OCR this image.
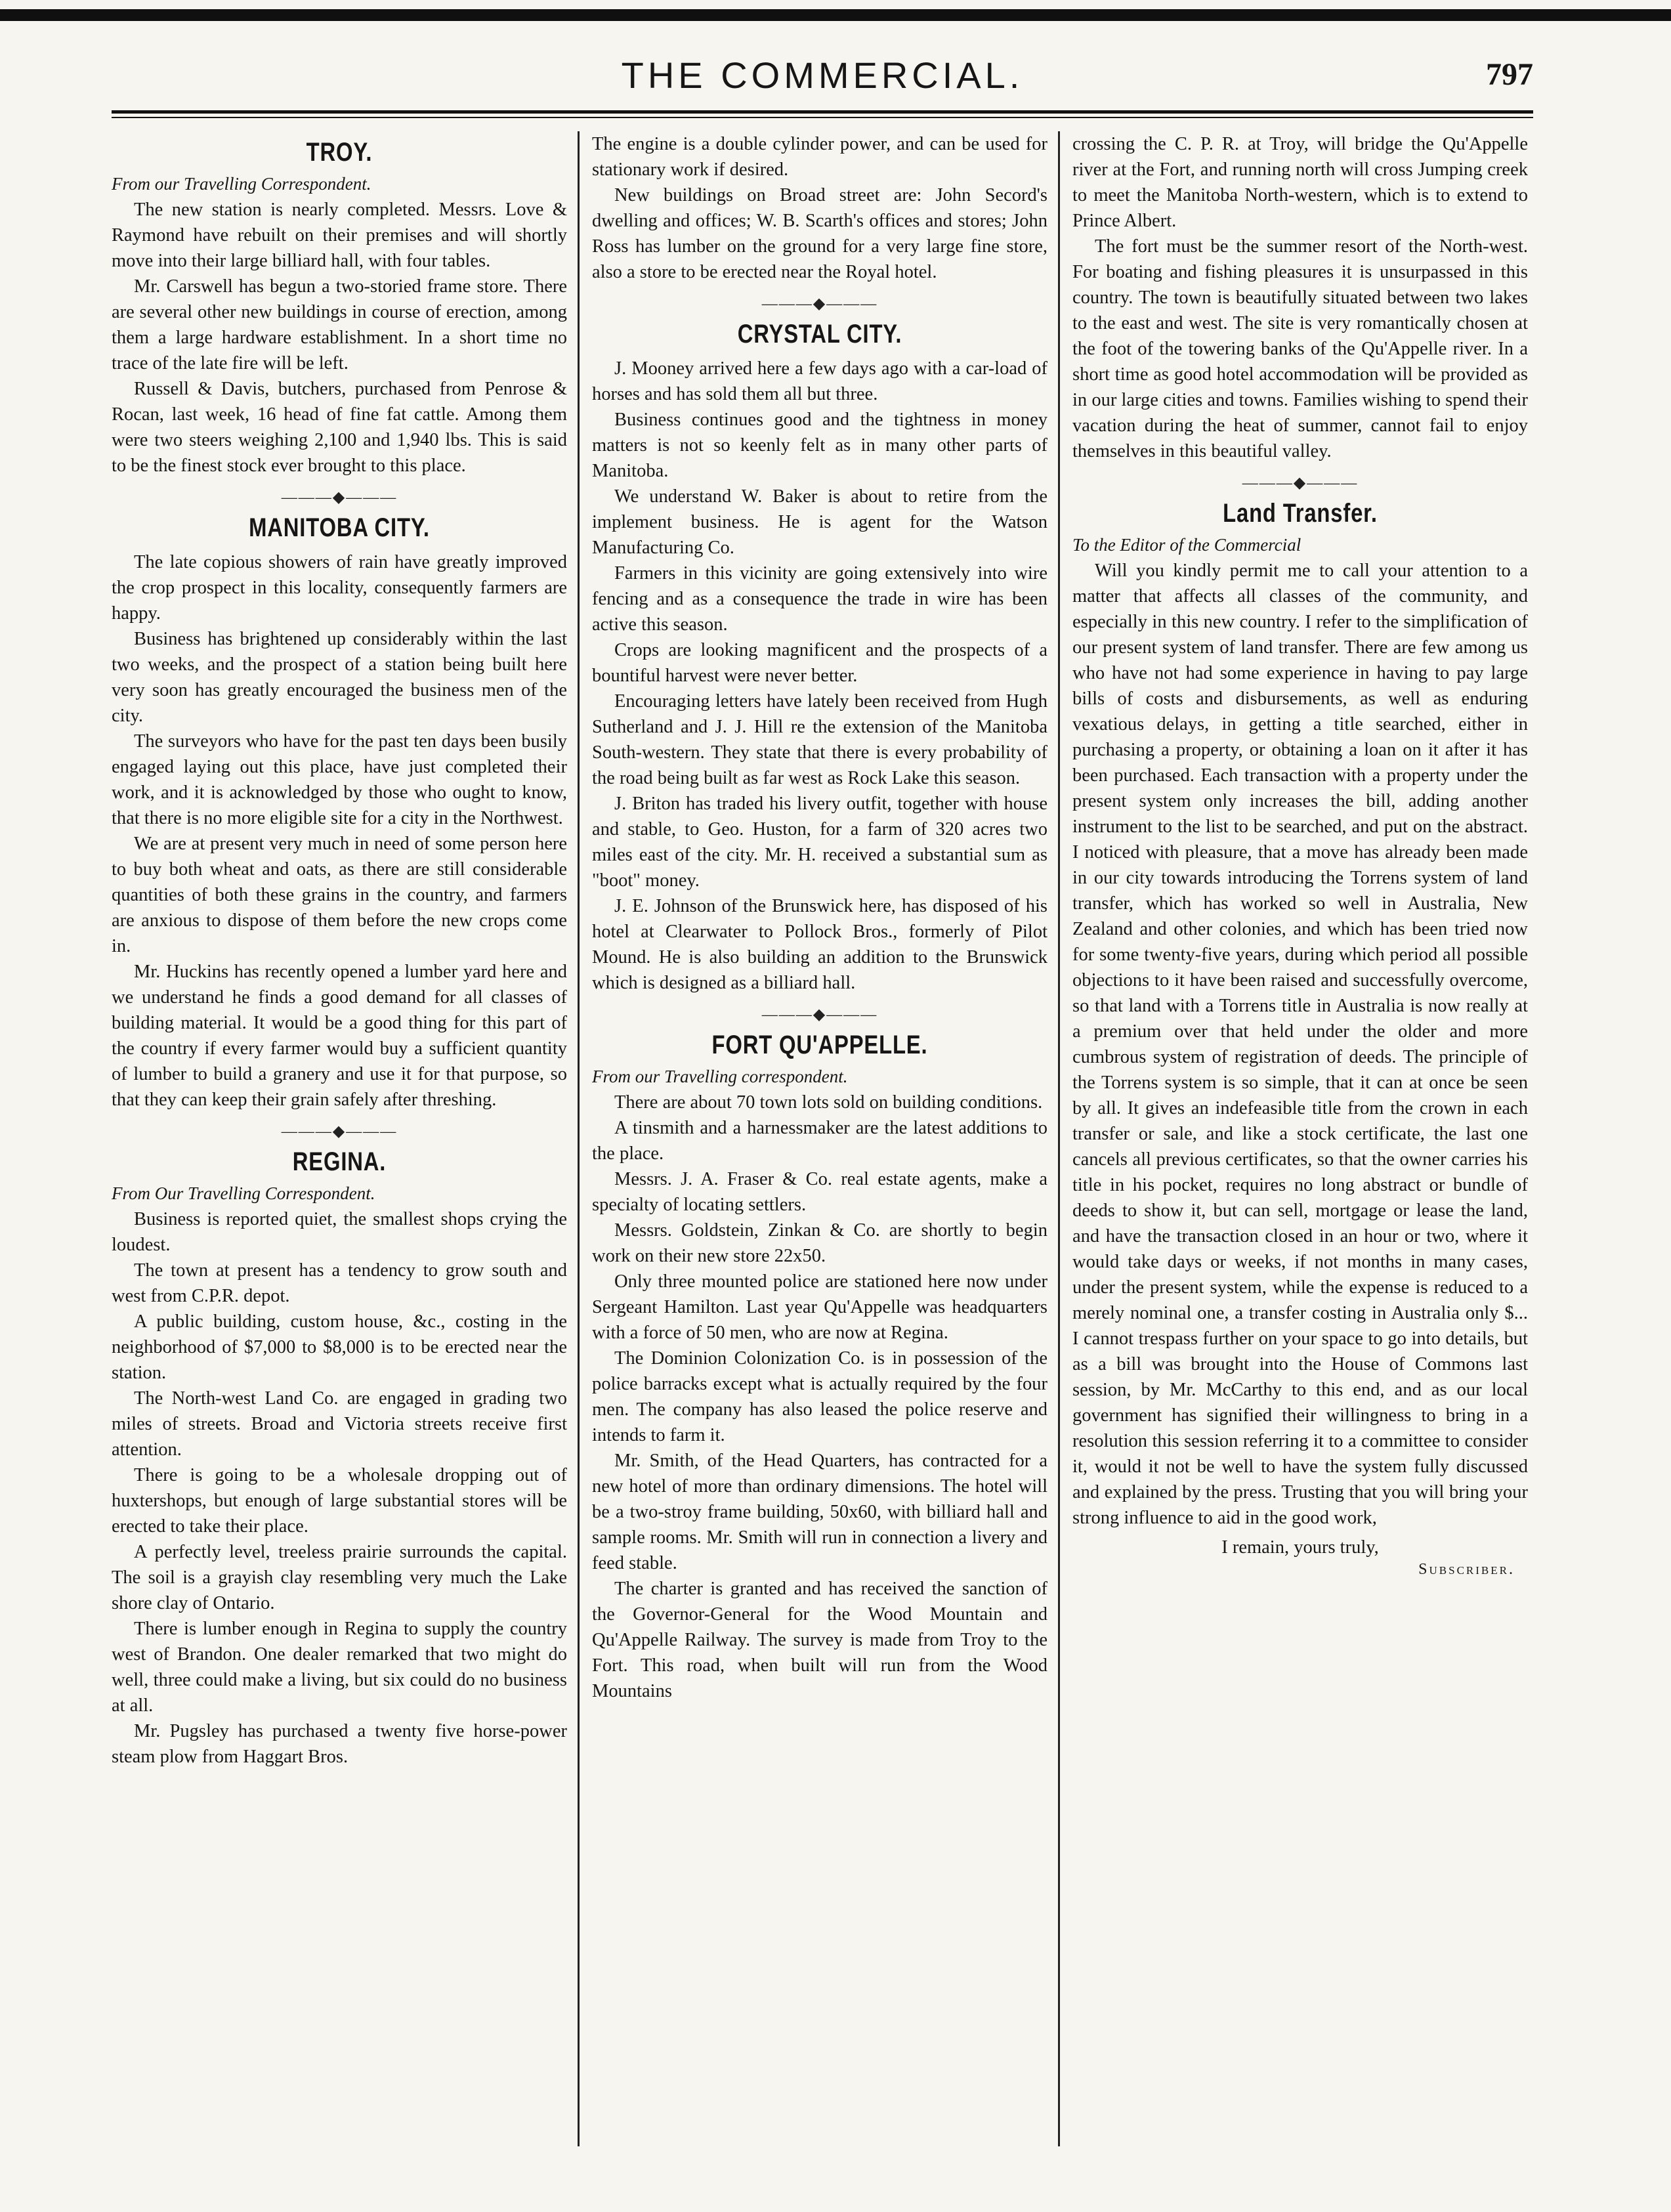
THE COMMERCIAL.	797
TROY.
From our Travelling Correspondent.

The new station is nearly completed. Messrs. Love & Raymond have rebuilt on their premises and will shortly move into their large billiard hall, with four tables.

Mr. Carswell has begun a two-storied frame store. There are several other new buildings in course of erection, among them a large hardware establishment. In a short time no trace of the late fire will be left.

Russell & Davis, butchers, purchased from Penrose & Rocan, last week, 16 head of fine fat cattle. Among them were two steers weighing 2,100 and 1,940 lbs. This is said to be the finest stock ever brought to this place.

———◆———
MANITOBA CITY.

The late copious showers of rain have greatly improved the crop prospect in this locality, consequently farmers are happy.

Business has brightened up considerably within the last two weeks, and the prospect of a station being built here very soon has greatly encouraged the business men of the city.

The surveyors who have for the past ten days been busily engaged laying out this place, have just completed their work, and it is acknowledged by those who ought to know, that there is no more eligible site for a city in the Northwest.

We are at present very much in need of some person here to buy both wheat and oats, as there are still considerable quantities of both these grains in the country, and farmers are anxious to dispose of them before the new crops come in.

Mr. Huckins has recently opened a lumber yard here and we understand he finds a good demand for all classes of building material. It would be a good thing for this part of the country if every farmer would buy a sufficient quantity of lumber to build a granery and use it for that purpose, so that they can keep their grain safely after threshing.

———◆———
REGINA.
From Our Travelling Correspondent.

Business is reported quiet, the smallest shops crying the loudest.

The town at present has a tendency to grow south and west from C.P.R. depot.

A public building, custom house, &c., costing in the neighborhood of $7,000 to $8,000 is to be erected near the station.

The North-west Land Co. are engaged in grading two miles of streets. Broad and Victoria streets receive first attention.

There is going to be a wholesale dropping out of huxtershops, but enough of large substantial stores will be erected to take their place.

A perfectly level, treeless prairie surrounds the capital. The soil is a grayish clay resembling very much the Lake shore clay of Ontario.

There is lumber enough in Regina to supply the country west of Brandon. One dealer remarked that two might do well, three could make a living, but six could do no business at all.

Mr. Pugsley has purchased a twenty five horse-power steam plow from Haggart Bros.

The engine is a double cylinder power, and can be used for stationary work if desired.

New buildings on Broad street are: John Secord's dwelling and offices; W. B. Scarth's offices and stores; John Ross has lumber on the ground for a very large fine store, also a store to be erected near the Royal hotel.

———◆———
CRYSTAL CITY.

J. Mooney arrived here a few days ago with a car-load of horses and has sold them all but three.

Business continues good and the tightness in money matters is not so keenly felt as in many other parts of Manitoba.

We understand W. Baker is about to retire from the implement business. He is agent for the Watson Manufacturing Co.

Farmers in this vicinity are going extensively into wire fencing and as a consequence the trade in wire has been active this season.

Crops are looking magnificent and the prospects of a bountiful harvest were never better.

Encouraging letters have lately been received from Hugh Sutherland and J. J. Hill re the extension of the Manitoba South-western. They state that there is every probability of the road being built as far west as Rock Lake this season.

J. Briton has traded his livery outfit, together with house and stable, to Geo. Huston, for a farm of 320 acres two miles east of the city. Mr. H. received a substantial sum as "boot" money.

J. E. Johnson of the Brunswick here, has disposed of his hotel at Clearwater to Pollock Bros., formerly of Pilot Mound. He is also building an addition to the Brunswick which is designed as a billiard hall.

———◆———
FORT QU'APPELLE.
From our Travelling correspondent.

There are about 70 town lots sold on building conditions.

A tinsmith and a harnessmaker are the latest additions to the place.

Messrs. J. A. Fraser & Co. real estate agents, make a specialty of locating settlers.

Messrs. Goldstein, Zinkan & Co. are shortly to begin work on their new store 22x50.

Only three mounted police are stationed here now under Sergeant Hamilton. Last year Qu'Appelle was headquarters with a force of 50 men, who are now at Regina.

The Dominion Colonization Co. is in possession of the police barracks except what is actually required by the four men. The company has also leased the police reserve and intends to farm it.

Mr. Smith, of the Head Quarters, has contracted for a new hotel of more than ordinary dimensions. The hotel will be a two-stroy frame building, 50x60, with billiard hall and sample rooms. Mr. Smith will run in connection a livery and feed stable.

The charter is granted and has received the sanction of the Governor-General for the Wood Mountain and Qu'Appelle Railway. The survey is made from Troy to the Fort. This road, when built will run from the Wood Mountains

crossing the C. P. R. at Troy, will bridge the Qu'Appelle river at the Fort, and running north will cross Jumping creek to meet the Manitoba North-western, which is to extend to Prince Albert.

The fort must be the summer resort of the North-west. For boating and fishing pleasures it is unsurpassed in this country. The town is beautifully situated between two lakes to the east and west. The site is very romantically chosen at the foot of the towering banks of the Qu'Appelle river. In a short time as good hotel accommodation will be provided as in our large cities and towns. Families wishing to spend their vacation during the heat of summer, cannot fail to enjoy themselves in this beautiful valley.

———◆———
Land Transfer.
To the Editor of the Commercial

Will you kindly permit me to call your attention to a matter that affects all classes of the community, and especially in this new country. I refer to the simplification of our present system of land transfer. There are few among us who have not had some experience in having to pay large bills of costs and disbursements, as well as enduring vexatious delays, in getting a title searched, either in purchasing a property, or obtaining a loan on it after it has been purchased. Each transaction with a property under the present system only increases the bill, adding another instrument to the list to be searched, and put on the abstract. I noticed with pleasure, that a move has already been made in our city towards introducing the Torrens system of land transfer, which has worked so well in Australia, New Zealand and other colonies, and which has been tried now for some twenty-five years, during which period all possible objections to it have been raised and successfully overcome, so that land with a Torrens title in Australia is now really at a premium over that held under the older and more cumbrous system of registration of deeds. The principle of the Torrens system is so simple, that it can at once be seen by all. It gives an indefeasible title from the crown in each transfer or sale, and like a stock certificate, the last one cancels all previous certificates, so that the owner carries his title in his pocket, requires no long abstract or bundle of deeds to show it, but can sell, mortgage or lease the land, and have the transaction closed in an hour or two, where it would take days or weeks, if not months in many cases, under the present system, while the expense is reduced to a merely nominal one, a transfer costing in Australia only $... I cannot trespass further on your space to go into details, but as a bill was brought into the House of Commons last session, by Mr. McCarthy to this end, and as our local government has signified their willingness to bring in a resolution this session referring it to a committee to consider it, would it not be well to have the system fully discussed and explained by the press. Trusting that you will bring your strong influence to aid in the good work,

I remain, yours truly,
Subscriber.
